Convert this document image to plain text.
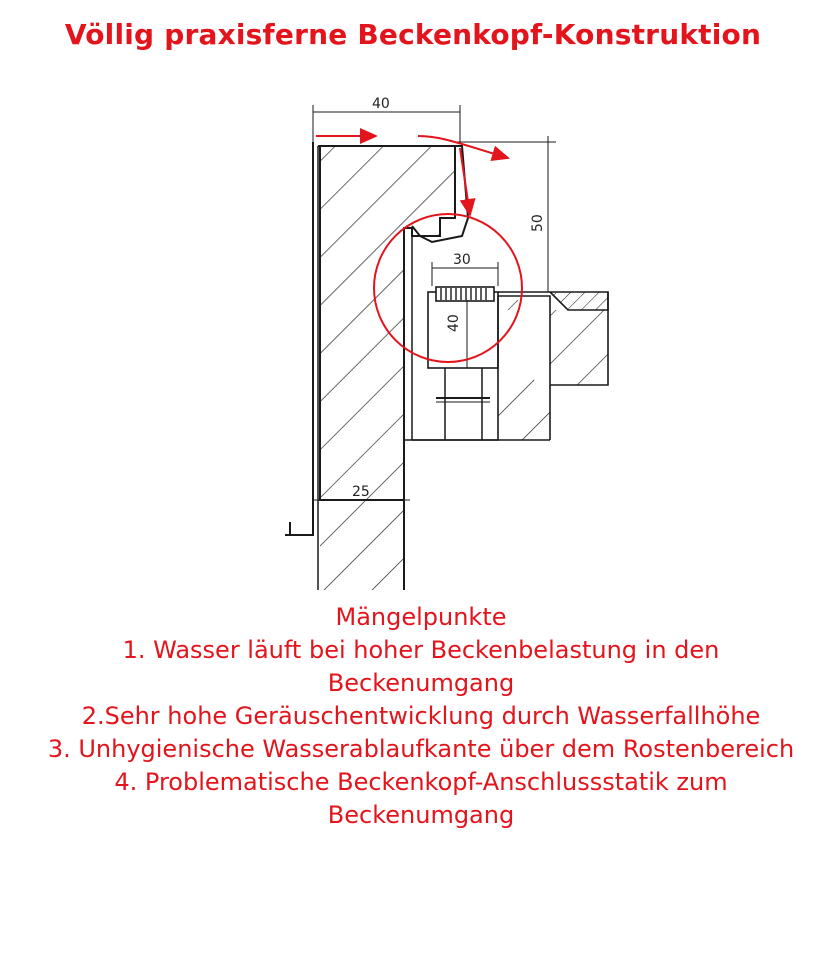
Völlig praxisferne Beckenkopf-Konstruktion
40
50
30
40
25
Mängelpunkte
1. Wasser läuft bei hoher Beckenbelastung in den Beckenumgang
2.Sehr hohe Geräuschentwicklung durch Wasserfallhöhe
3. Unhygienische Wasserablaufkante über dem Rostenbereich
4. Problematische Beckenkopf-Anschlussstatik zum Beckenumgang
